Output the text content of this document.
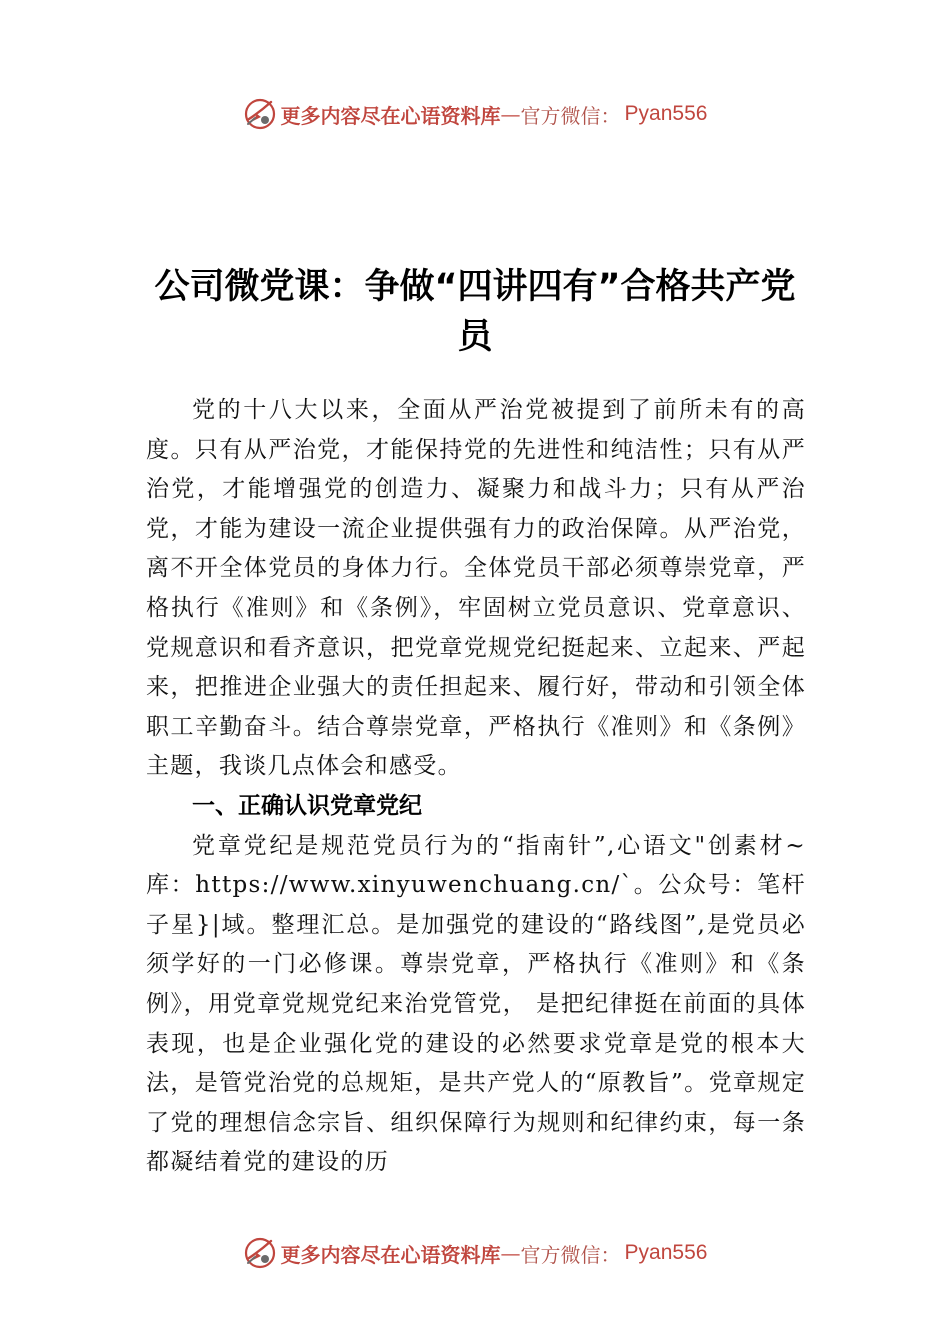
更多内容尽在心语资料库 — 官方微信： Pyan556
公司微党课：争做“四讲四有”合格共产党员

党的十八大以来，全面从严治党被提到了前所未有的高度。只有从严治党，才能保持党的先进性和纯洁性；只有从严治党，才能增强党的创造力、凝聚力和战斗力；只有从严治党，才能为建设一流企业提供强有力的政治保障。从严治党，离不开全体党员的身体力行。全体党员干部必须尊崇党章，严格执行《准则》和《条例》，牢固树立党员意识、党章意识、党规意识和看齐意识，把党章党规党纪挺起来、立起来、严起来，把推进企业强大的责任担起来、履行好，带动和引领全体职工辛勤奋斗。结合尊崇党章，严格执行《准则》和《条例》主题，我谈几点体会和感受。

一、正确认识党章党纪

党章党纪是规范党员行为的“指南针”,心语文"创素材~库：https://www.xinyuwenchuang.cn/`。公众号：笔杆子星}|域。整理汇总。是加强党的建设的“路线图”,是党员必须学好的一门必修课。尊崇党章，严格执行《准则》和《条例》，用党章党规党纪来治党管党， 是把纪律挺在前面的具体表现，也是企业强化党的建设的必然要求党章是党的根本大法，是管党治党的总规矩，是共产党人的“原教旨”。党章规定了党的理想信念宗旨、组织保障行为规则和纪律约束，每一条都凝结着党的建设的历

更多内容尽在心语资料库 — 官方微信： Pyan556
